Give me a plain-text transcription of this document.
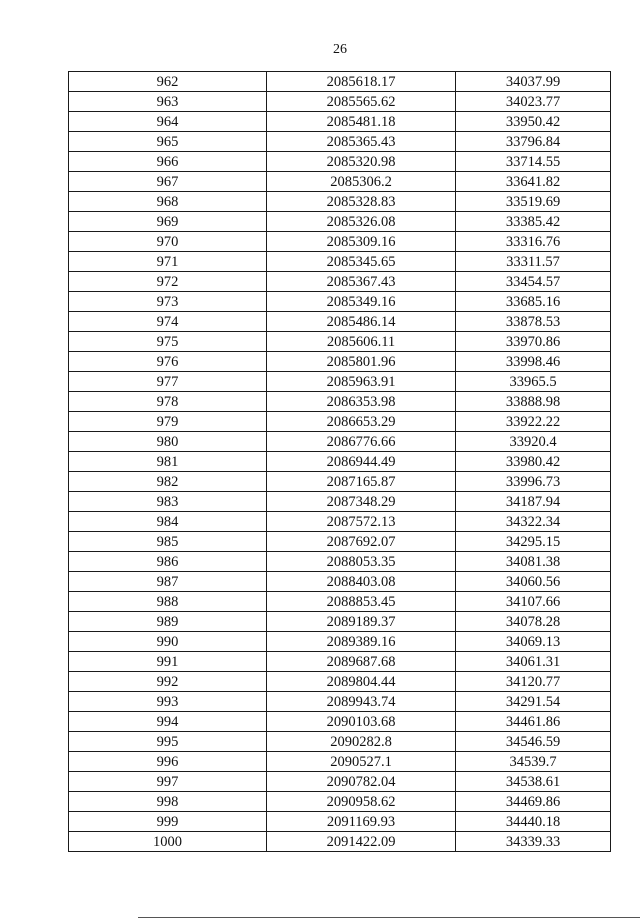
26
962	2085618.17	34037.99
963	2085565.62	34023.77
964	2085481.18	33950.42
965	2085365.43	33796.84
966	2085320.98	33714.55
967	2085306.2	33641.82
968	2085328.83	33519.69
969	2085326.08	33385.42
970	2085309.16	33316.76
971	2085345.65	33311.57
972	2085367.43	33454.57
973	2085349.16	33685.16
974	2085486.14	33878.53
975	2085606.11	33970.86
976	2085801.96	33998.46
977	2085963.91	33965.5
978	2086353.98	33888.98
979	2086653.29	33922.22
980	2086776.66	33920.4
981	2086944.49	33980.42
982	2087165.87	33996.73
983	2087348.29	34187.94
984	2087572.13	34322.34
985	2087692.07	34295.15
986	2088053.35	34081.38
987	2088403.08	34060.56
988	2088853.45	34107.66
989	2089189.37	34078.28
990	2089389.16	34069.13
991	2089687.68	34061.31
992	2089804.44	34120.77
993	2089943.74	34291.54
994	2090103.68	34461.86
995	2090282.8	34546.59
996	2090527.1	34539.7
997	2090782.04	34538.61
998	2090958.62	34469.86
999	2091169.93	34440.18
1000	2091422.09	34339.33
